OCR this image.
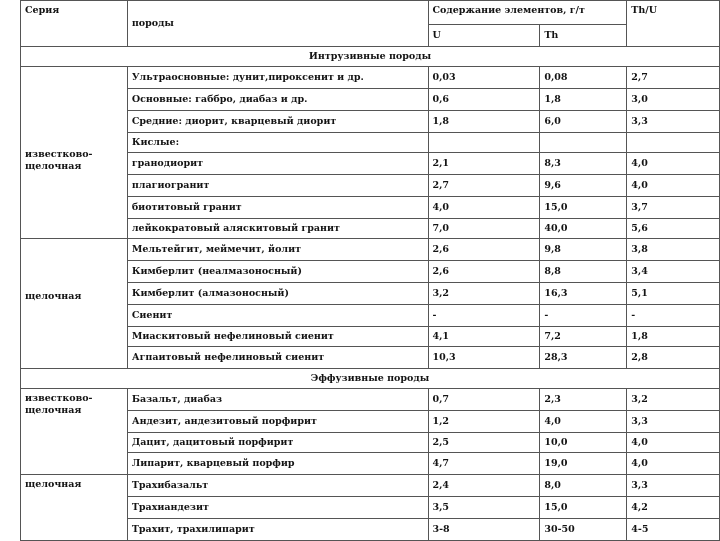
Серия	породы	Содержание элементов, г/т		Th/U
		U	Th	
Интрузивные породы				
известково-щелочная	Ультраосновные: дунит,пироксенит и др.	0,03	0,08	2,7
	Основные: габбро, диабаз и др.	0,6	1,8	3,0
	Средние: диорит, кварцевый диорит	1,8	6,0	3,3
	Кислые:			
	гранодиорит	2,1	8,3	4,0
	плагиогранит	2,7	9,6	4,0
	биотитовый гранит	4,0	15,0	3,7
	лейкократовый аляскитовый гранит	7,0	40,0	5,6
щелочная	Мельтейгит, меймечит, йолит	2,6	9,8	3,8
	Кимберлит (неалмазоносный)	2,6	8,8	3,4
	Кимберлит (алмазоносный)	3,2	16,3	5,1
	Сиенит	-	-	-
	Миаскитовый нефелиновый сиенит	4,1	7,2	1,8
	Агпаитовый нефелиновый сиенит	10,3	28,3	2,8
Эффузивные породы				
известково-щелочная	Базальт, диабаз	0,7	2,3	3,2
	Андезит, андезитовый порфирит	1,2	4,0	3,3
	Дацит, дацитовый порфирит	2,5	10,0	4,0
	Липарит, кварцевый порфир	4,7	19,0	4,0
щелочная	Трахибазальт	2,4	8,0	3,3
	Трахиандезит	3,5	15,0	4,2
	Трахит, трахилипарит	3-8	30-50	4-5
